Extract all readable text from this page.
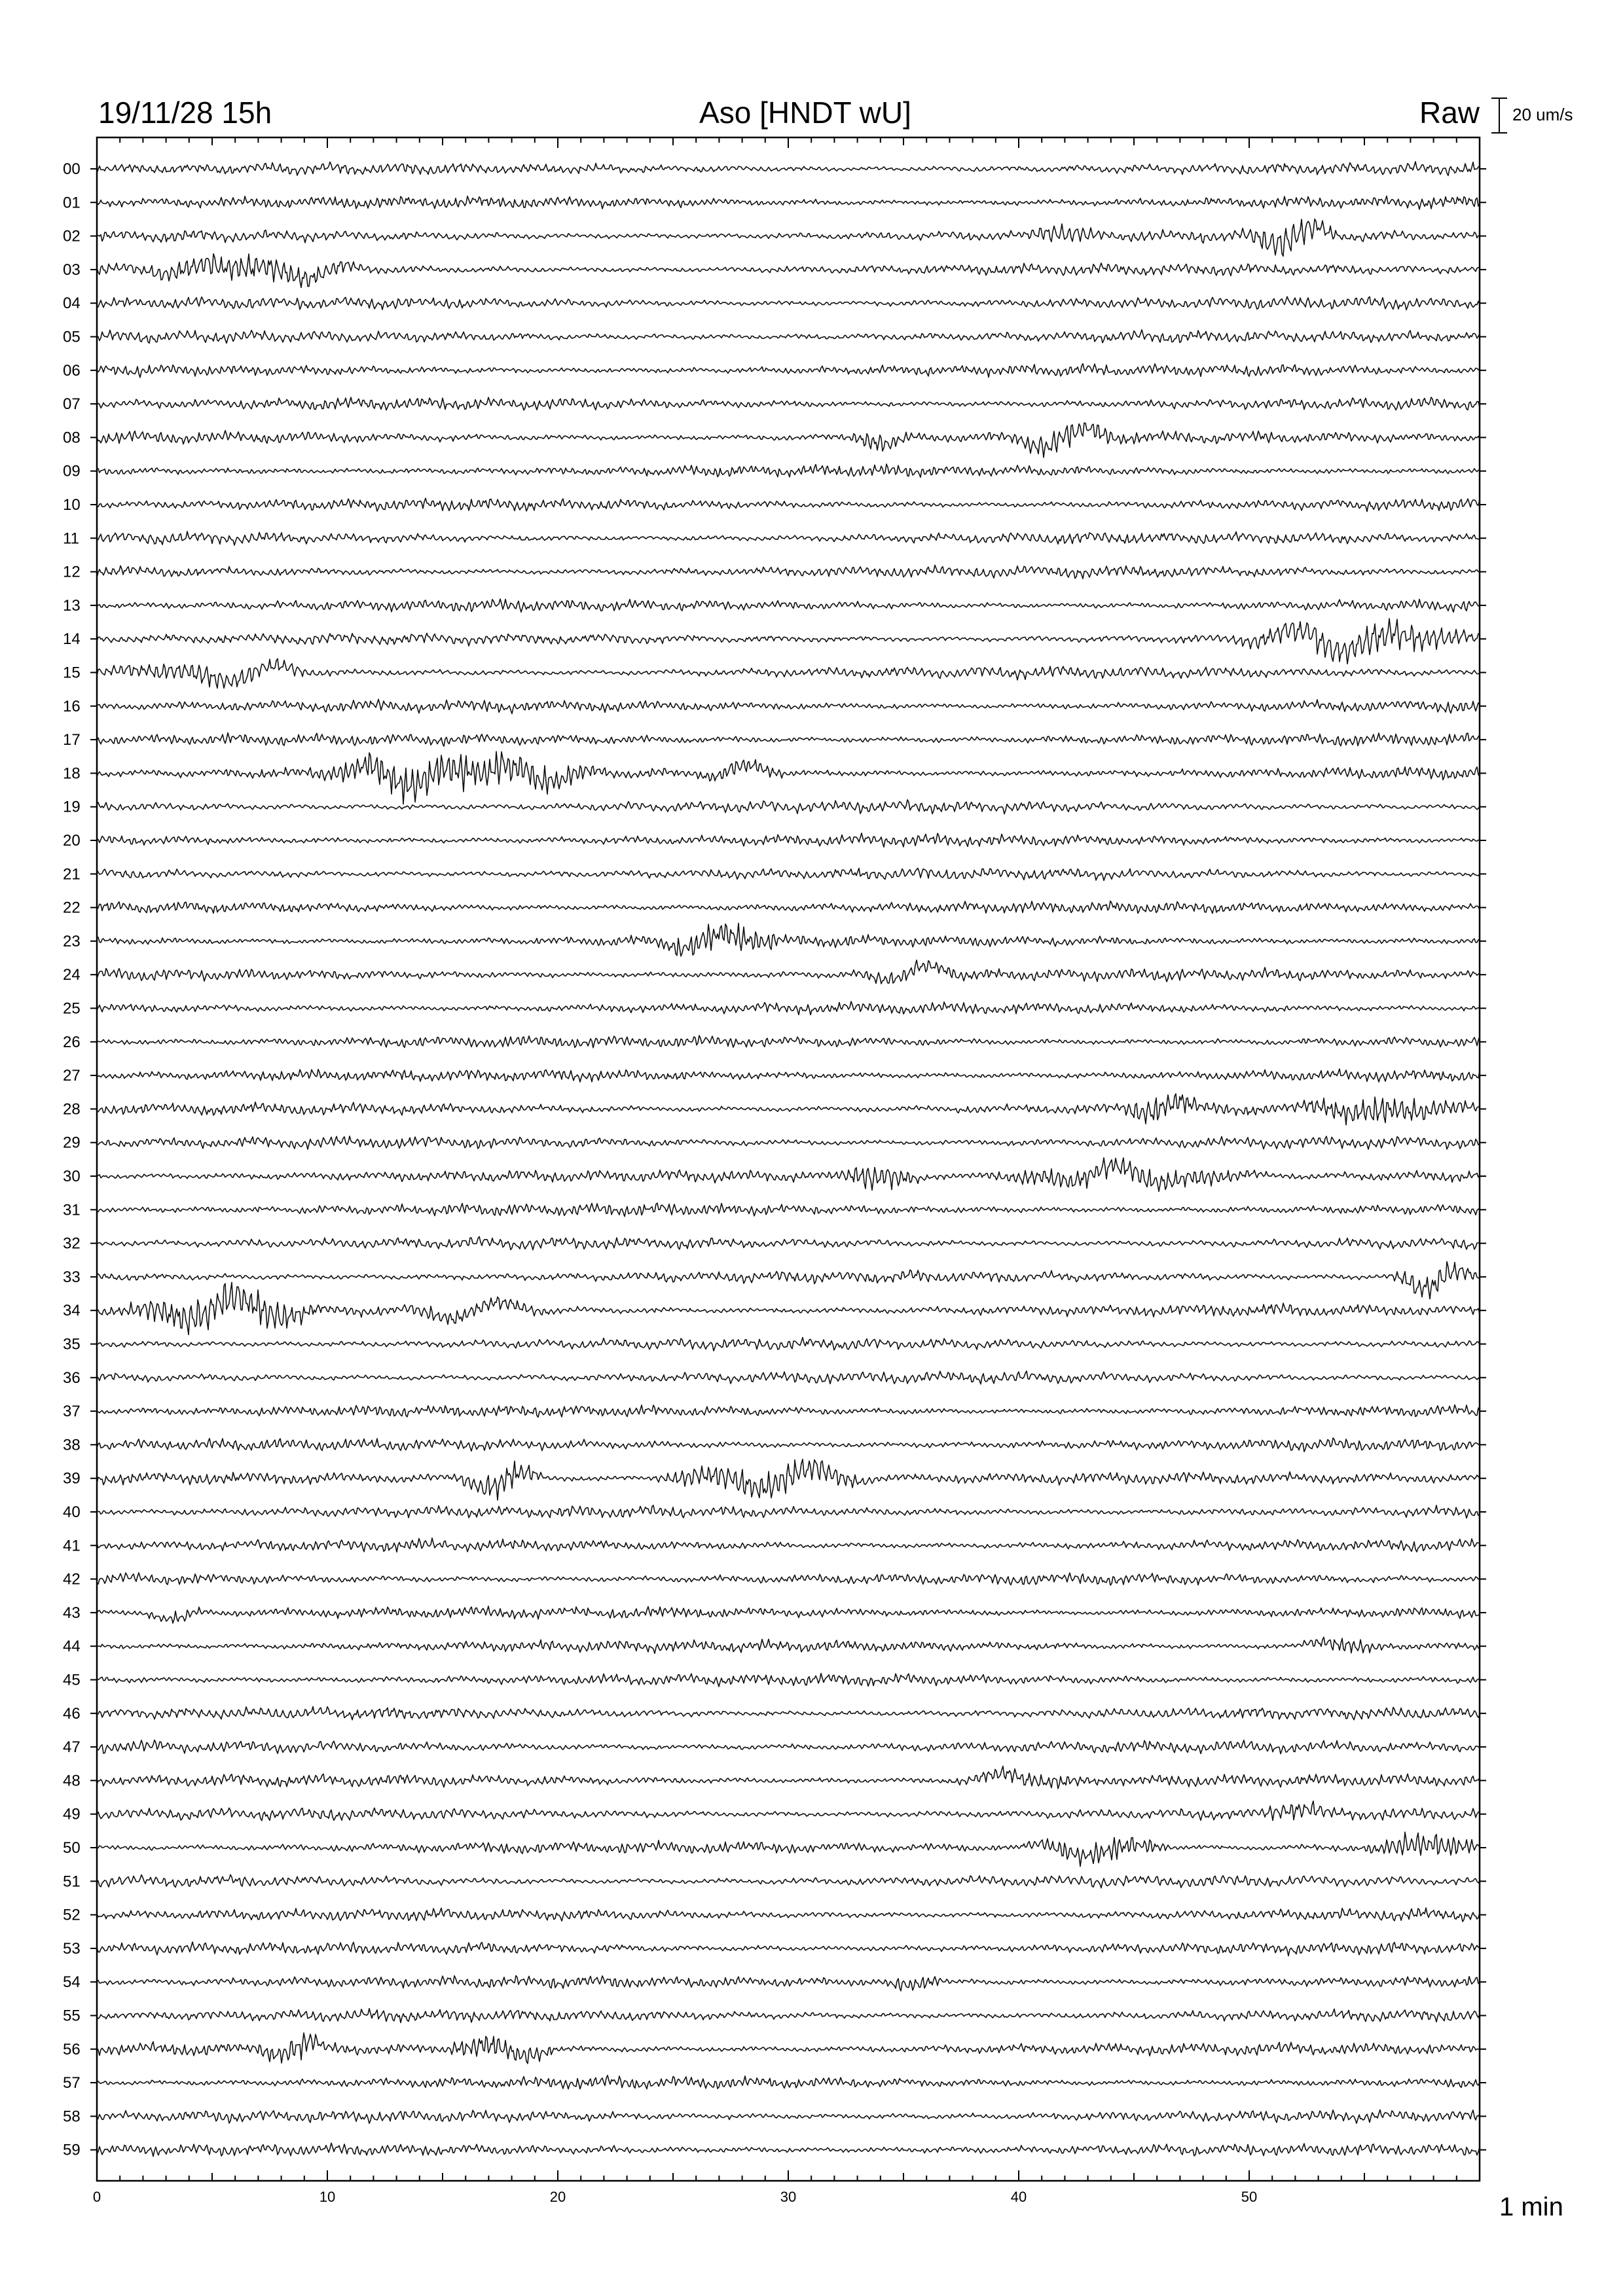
19/11/28 15h	Aso [HNDT wU]	Raw 20 um/s
00
01
02
03
04
05
06
07
08
09
10
11
12
13
14
15
16
17
18
19
20
21
22
23
24
25
26
27
28
29
30
31
32
33
34
35
36
37
38
39
40
41
42
43
44
45
46
47
48
49
50
51
52
53
54
55
56
57
58
59
0	10	20	30	40	50	1 min
